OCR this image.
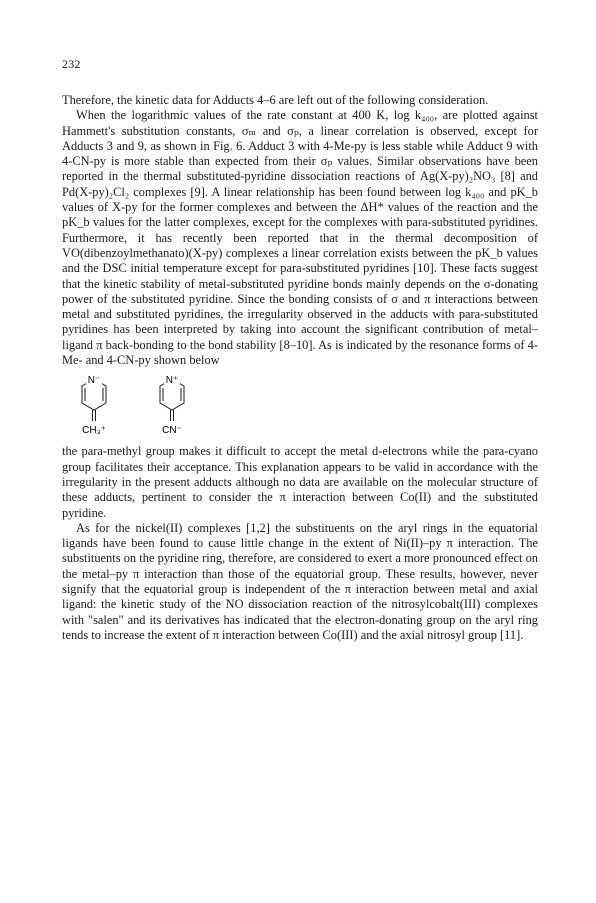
232

Therefore, the kinetic data for Adducts 4–6 are left out of the following consideration.

When the logarithmic values of the rate constant at 400 K, log k₄₀₀, are plotted against Hammett's substitution constants, σₘ and σₚ, a linear correlation is observed, except for Adducts 3 and 9, as shown in Fig. 6. Adduct 3 with 4-Me-py is less stable while Adduct 9 with 4-CN-py is more stable than expected from their σₚ values. Similar observations have been reported in the thermal substituted-pyridine dissociation reactions of Ag(X-py)₂NO₃ [8] and Pd(X-py)₂Cl₂ complexes [9]. A linear relationship has been found between log k₄₀₀ and pK_b values of X-py for the former complexes and between the ΔH* values of the reaction and the pK_b values for the latter complexes, except for the complexes with para-substituted pyridines. Furthermore, it has recently been reported that in the thermal decomposition of VO(dibenzoylmethanato)(X-py) complexes a linear correlation exists between the pK_b values and the DSC initial temperature except for para-substituted pyridines [10]. These facts suggest that the kinetic stability of metal-substituted pyridine bonds mainly depends on the σ-donating power of the substituted pyridine. Since the bonding consists of σ and π interactions between metal and substituted pyridines, the irregularity observed in the adducts with para-substituted pyridines has been interpreted by taking into account the significant contribution of metal–ligand π back-bonding to the bond stability [8–10]. As is indicated by the resonance forms of 4-Me- and 4-CN-py shown below

N⁻
CH₃⁺
N⁺
CN⁻

the para-methyl group makes it difficult to accept the metal d-electrons while the para-cyano group facilitates their acceptance. This explanation appears to be valid in accordance with the irregularity in the present adducts although no data are available on the molecular structure of these adducts, pertinent to consider the π interaction between Co(II) and the substituted pyridine.

As for the nickel(II) complexes [1,2] the substituents on the aryl rings in the equatorial ligands have been found to cause little change in the extent of Ni(II)–py π interaction. The substituents on the pyridine ring, therefore, are considered to exert a more pronounced effect on the metal–py π interaction than those of the equatorial group. These results, however, never signify that the equatorial group is independent of the π interaction between metal and axial ligand: the kinetic study of the NO dissociation reaction of the nitrosylcobalt(III) complexes with "salen" and its derivatives has indicated that the electron-donating group on the aryl ring tends to increase the extent of π interaction between Co(III) and the axial nitrosyl group [11].
